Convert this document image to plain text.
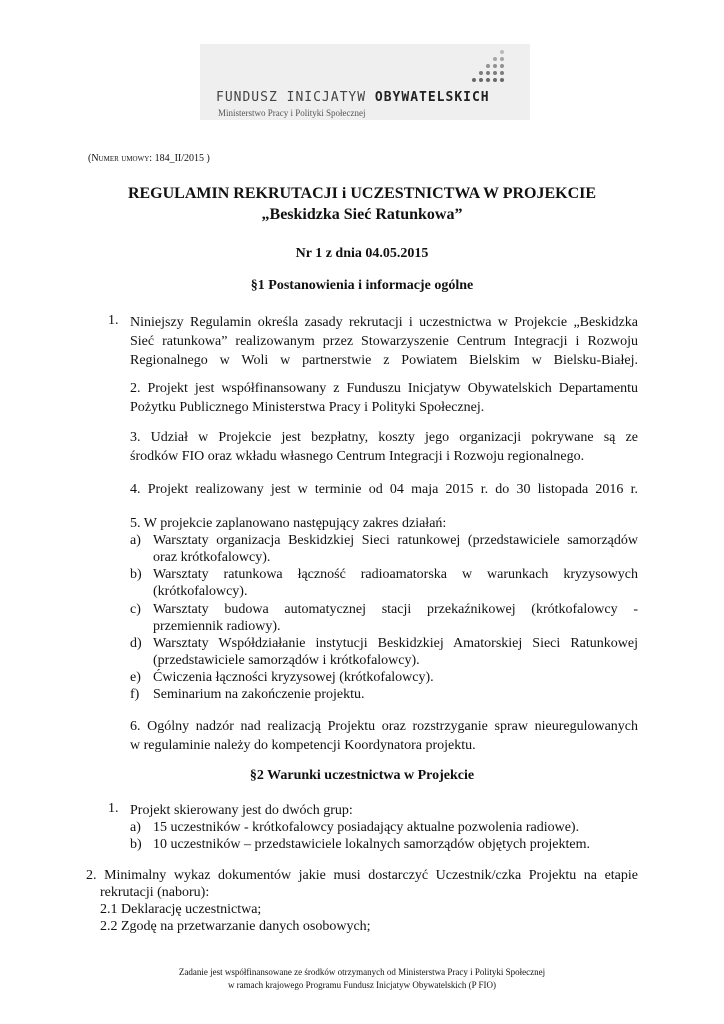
FUNDUSZ INICJATYW OBYWATELSKICH
Ministerstwo Pracy i Polityki Społecznej
(Numer umowy: 184_II/2015 )
REGULAMIN REKRUTACJI i UCZESTNICTWA W PROJEKCIE
„Beskidzka Sieć Ratunkowa”
Nr 1 z dnia 04.05.2015
§1 Postanowienia i informacje ogólne
1. Niniejszy Regulamin określa zasady rekrutacji i uczestnictwa w Projekcie „Beskidzka
Sieć ratunkowa” realizowanym przez Stowarzyszenie Centrum Integracji i Rozwoju
Regionalnego w Woli w partnerstwie z Powiatem Bielskim w Bielsku-Białej.
2. Projekt jest współfinansowany z Funduszu Inicjatyw Obywatelskich Departamentu
Pożytku Publicznego Ministerstwa Pracy i Polityki Społecznej.
3. Udział w Projekcie jest bezpłatny, koszty jego organizacji pokrywane są ze
środków FIO oraz wkładu własnego Centrum Integracji i Rozwoju regionalnego.
4. Projekt realizowany jest w terminie od 04 maja 2015 r. do 30 listopada 2016 r.
5. W projekcie zaplanowano następujący zakres działań:
a) Warsztaty organizacja Beskidzkiej Sieci ratunkowej (przedstawiciele samorządów
oraz krótkofalowcy).
b) Warsztaty ratunkowa łączność radioamatorska w warunkach kryzysowych
(krótkofalowcy).
c) Warsztaty budowa automatycznej stacji przekaźnikowej (krótkofalowcy -
przemiennik radiowy).
d) Warsztaty Współdziałanie instytucji Beskidzkiej Amatorskiej Sieci Ratunkowej
(przedstawiciele samorządów i krótkofalowcy).
e) Ćwiczenia łączności kryzysowej (krótkofalowcy).
f) Seminarium na zakończenie projektu.
6. Ogólny nadzór nad realizacją Projektu oraz rozstrzyganie spraw nieuregulowanych
w regulaminie należy do kompetencji Koordynatora projektu.
§2 Warunki uczestnictwa w Projekcie
1. Projekt skierowany jest do dwóch grup:
a) 15 uczestników - krótkofalowcy posiadający aktualne pozwolenia radiowe).
b) 10 uczestników – przedstawiciele lokalnych samorządów objętych projektem.
2. Minimalny wykaz dokumentów jakie musi dostarczyć Uczestnik/czka Projektu na etapie
rekrutacji (naboru):
2.1 Deklarację uczestnictwa;
2.2 Zgodę na przetwarzanie danych osobowych;
Zadanie jest współfinansowane ze środków otrzymanych od Ministerstwa Pracy i Polityki Społecznej
w ramach krajowego Programu Fundusz Inicjatyw Obywatelskich (P FIO)
